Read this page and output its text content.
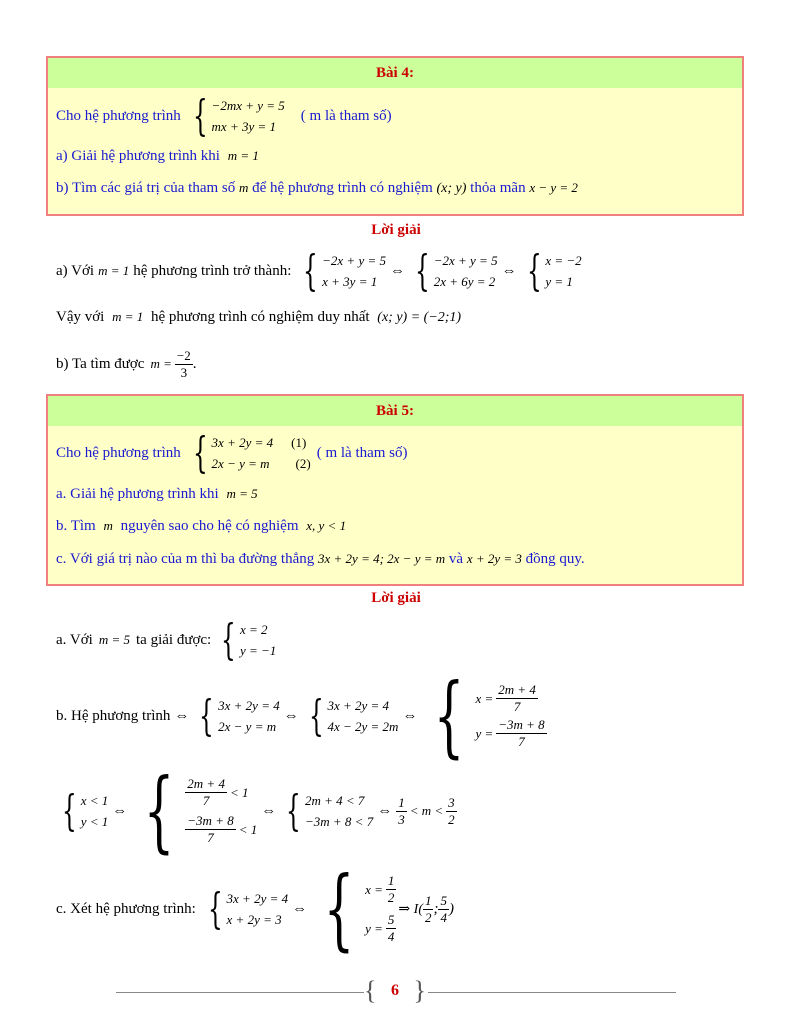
Bài 4:
Cho hệ phương trình { −2mx + y = 5
mx + 3y = 1
( m là tham số)
a) Giải hệ phương trình khi m = 1
b) Tìm các giá trị của tham số m để hệ phương trình có nghiệm (x; y) thỏa mãn x − y = 2
Lời giải
a) Với m = 1 hệ phương trình trở thành: { −2x + y = 5
x + 3y = 1
⇔ { −2x + y = 5
2x + 6y = 2
⇔ { x = −2
y = 1
Vậy với m = 1 hệ phương trình có nghiệm duy nhất (x; y) = (−2;1)
b) Ta tìm được $m = \frac{-2}{3}$ .
Bài 5:
Cho hệ phương trình { 3x + 2y = 4 (1)
2x − y = m (2)
( m là tham số)
a. Giải hệ phương trình khi m = 5
b. Tìm m nguyên sao cho hệ có nghiệm x, y < 1
c. Với giá trị nào của m thì ba đường thẳng 3x + 2y = 4; 2x − y = m và x + 2y = 3 đồng quy.
Lời giải
a. Với m = 5 ta giải được: { x = 2
y = −1
b. Hệ phương trình ⇔ { 3x + 2y = 4
2x − y = m
⇔ { 3x + 2y = 4
4x − 2y = 2m
⇔ { $x = \frac{2m + 4}{7}$
$y = \frac{-3m + 8}{7}$
{ x < 1
y < 1
⇔ { $\frac{2m + 4}{7} < 1$
$\frac{-3m + 8}{7} < 1$
⇔ { 2m + 4 < 7
−3m + 8 < 7
⇔ $\frac{1}{3} < m < \frac{3}{2}$
c. Xét hệ phương trình: { 3x + 2y = 4
x + 2y = 3
⇔ { $x = \frac{1}{2}$
$y = \frac{5}{4}$
⇒ $I( \frac{1}{2}$ ; $\frac{5}{4}$ )
{ 6 }
